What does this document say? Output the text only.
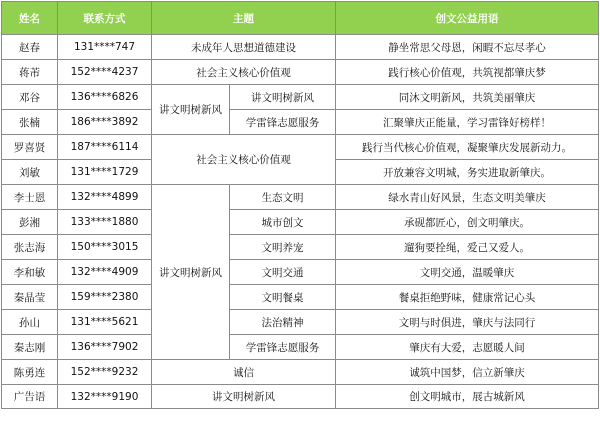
姓名	联系方式	主题		创文公益用语
赵春	131****747	未成年人思想道德建设		静坐常思父母恩，闲暇不忘尽孝心
蒋芾	152****4237	社会主义核心价值观		践行核心价值观，共筑视都肇庆梦
邓谷	136****6826	讲文明树新风	讲文明树新风	同沐文明新风，共筑美丽肇庆
张楠	186****3892		学雷锋志愿服务	汇聚肇庆正能量，学习雷锋好榜样！
罗喜贤	187****6114	社会主义核心价值观		践行当代核心价值观，凝聚肇庆发展新动力。
刘敏	131****1729			开放兼容文明城，务实进取新肇庆。
李士恩	132****4899	讲文明树新风	生态文明	绿水青山好风景，生态文明美肇庆
彭湘	133****1880		城市创文	承砚都匠心，创文明肇庆。
张志海	150****3015		文明养宠	遛狗要拴绳，爱己又爱人。
李和敏	132****4909		文明交通	文明交通，温暖肇庆
秦晶莹	159****2380		文明餐桌	餐桌拒绝野味，健康常记心头
孙山	131****5621		法治精神	文明与时俱进，肇庆与法同行
秦志刚	136****7902		学雷锋志愿服务	肇庆有大爱，志愿暖人间
陈勇连	152****9232	诚信		诚筑中国梦，信立新肇庆
广告语	132****9190	讲文明树新风		创文明城市，展古城新风
